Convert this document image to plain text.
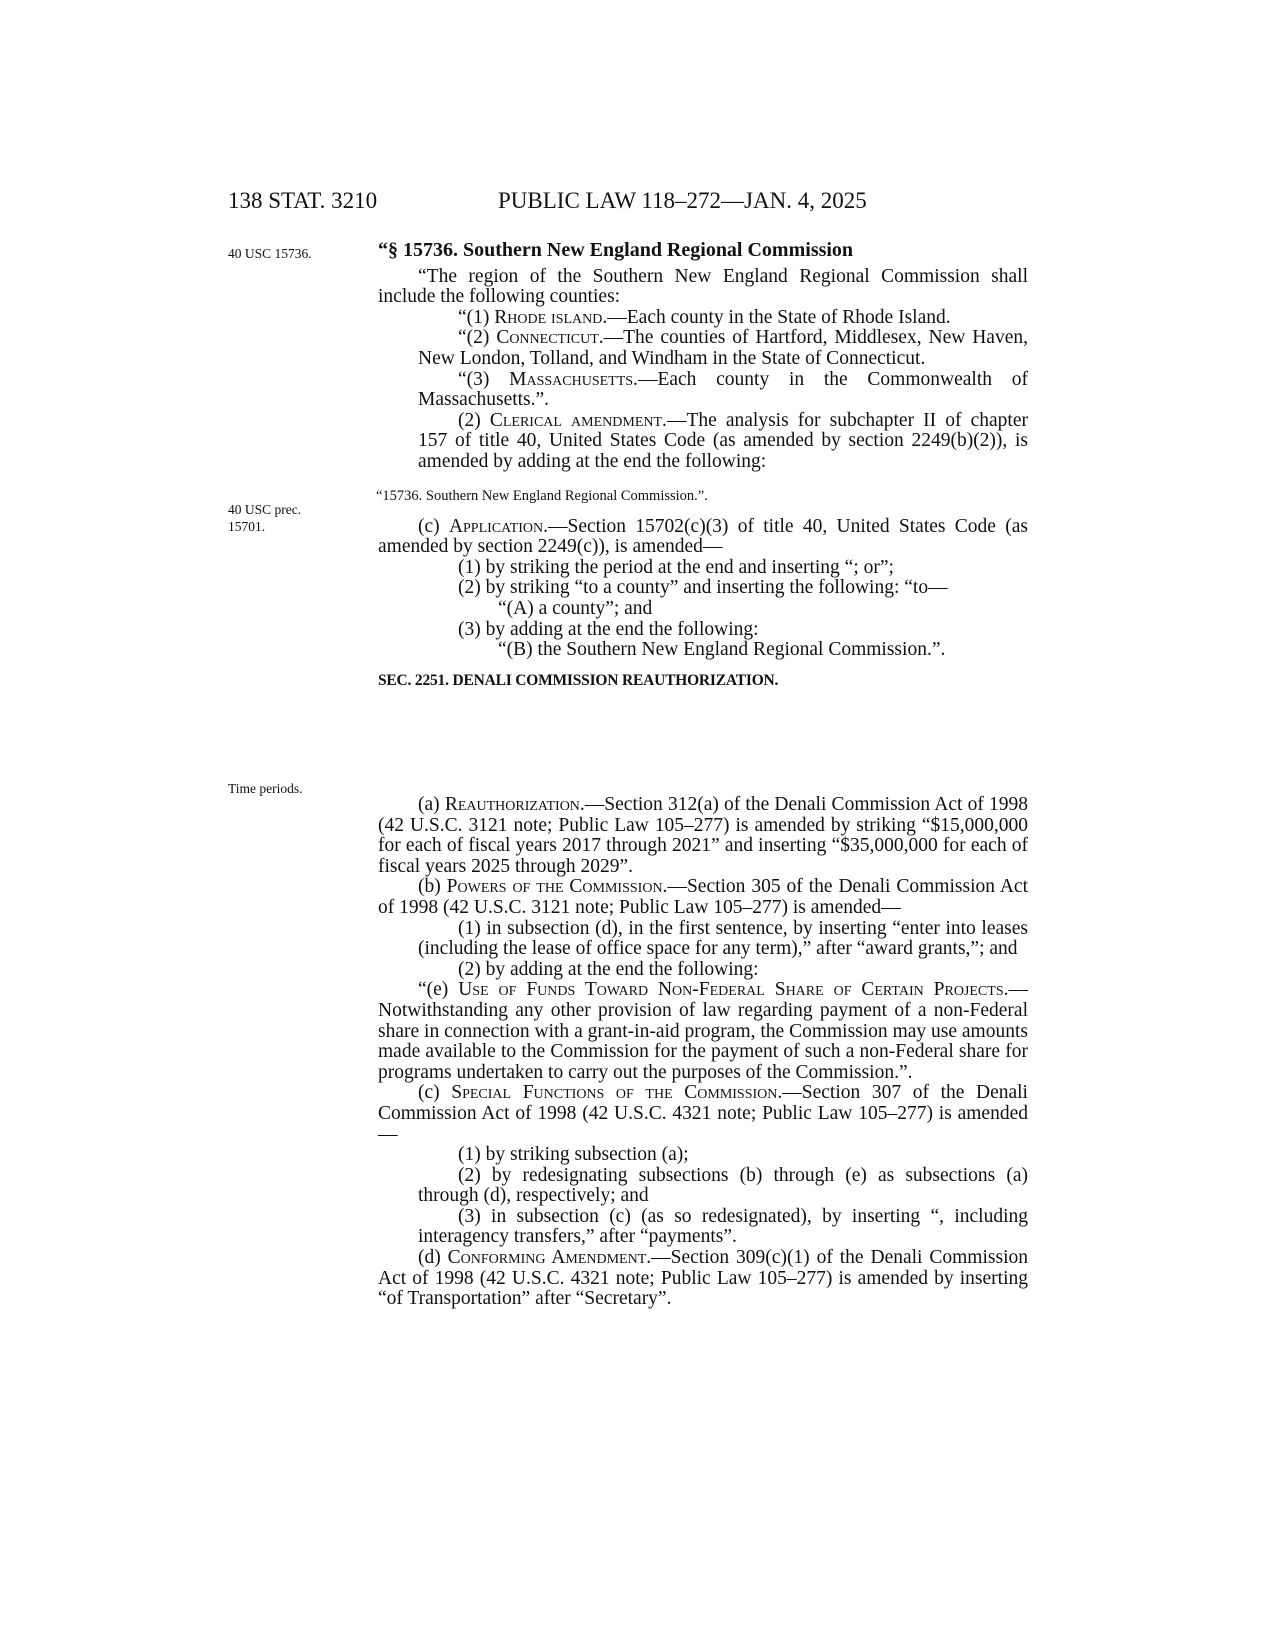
138 STAT. 3210	PUBLIC LAW 118–272—JAN. 4, 2025
40 USC 15736.
40 USC prec. 15701.
Time periods.

“§ 15736. Southern New England Regional Commission

“The region of the Southern New England Regional Commission shall include the following counties:

“(1) Rhode island.—Each county in the State of Rhode Island.

“(2) Connecticut.—The counties of Hartford, Middlesex, New Haven, New London, Tolland, and Windham in the State of Connecticut.

“(3) Massachusetts.—Each county in the Commonwealth of Massachusetts.”.

(2) Clerical amendment.—The analysis for subchapter II of chapter 157 of title 40, United States Code (as amended by section 2249(b)(2)), is amended by adding at the end the following:

“15736. Southern New England Regional Commission.”.

(c) Application.—Section 15702(c)(3) of title 40, United States Code (as amended by section 2249(c)), is amended—

(1) by striking the period at the end and inserting “; or”;

(2) by striking “to a county” and inserting the following: “to—

“(A) a county”; and

(3) by adding at the end the following:

“(B) the Southern New England Regional Commission.”.

SEC. 2251. DENALI COMMISSION REAUTHORIZATION.

(a) Reauthorization.—Section 312(a) of the Denali Commission Act of 1998 (42 U.S.C. 3121 note; Public Law 105–277) is amended by striking “$15,000,000 for each of fiscal years 2017 through 2021” and inserting “$35,000,000 for each of fiscal years 2025 through 2029”.

(b) Powers of the Commission.—Section 305 of the Denali Commission Act of 1998 (42 U.S.C. 3121 note; Public Law 105–277) is amended—

(1) in subsection (d), in the first sentence, by inserting “enter into leases (including the lease of office space for any term),” after “award grants,”; and

(2) by adding at the end the following:

“(e) Use of Funds Toward Non-Federal Share of Certain Projects.—Notwithstanding any other provision of law regarding payment of a non-Federal share in connection with a grant-in-aid program, the Commission may use amounts made available to the Commission for the payment of such a non-Federal share for programs undertaken to carry out the purposes of the Commission.”.

(c) Special Functions of the Commission.—Section 307 of the Denali Commission Act of 1998 (42 U.S.C. 4321 note; Public Law 105–277) is amended—

(1) by striking subsection (a);

(2) by redesignating subsections (b) through (e) as subsections (a) through (d), respectively; and

(3) in subsection (c) (as so redesignated), by inserting “, including interagency transfers,” after “payments”.

(d) Conforming Amendment.—Section 309(c)(1) of the Denali Commission Act of 1998 (42 U.S.C. 4321 note; Public Law 105–277) is amended by inserting “of Transportation” after “Secretary”.
